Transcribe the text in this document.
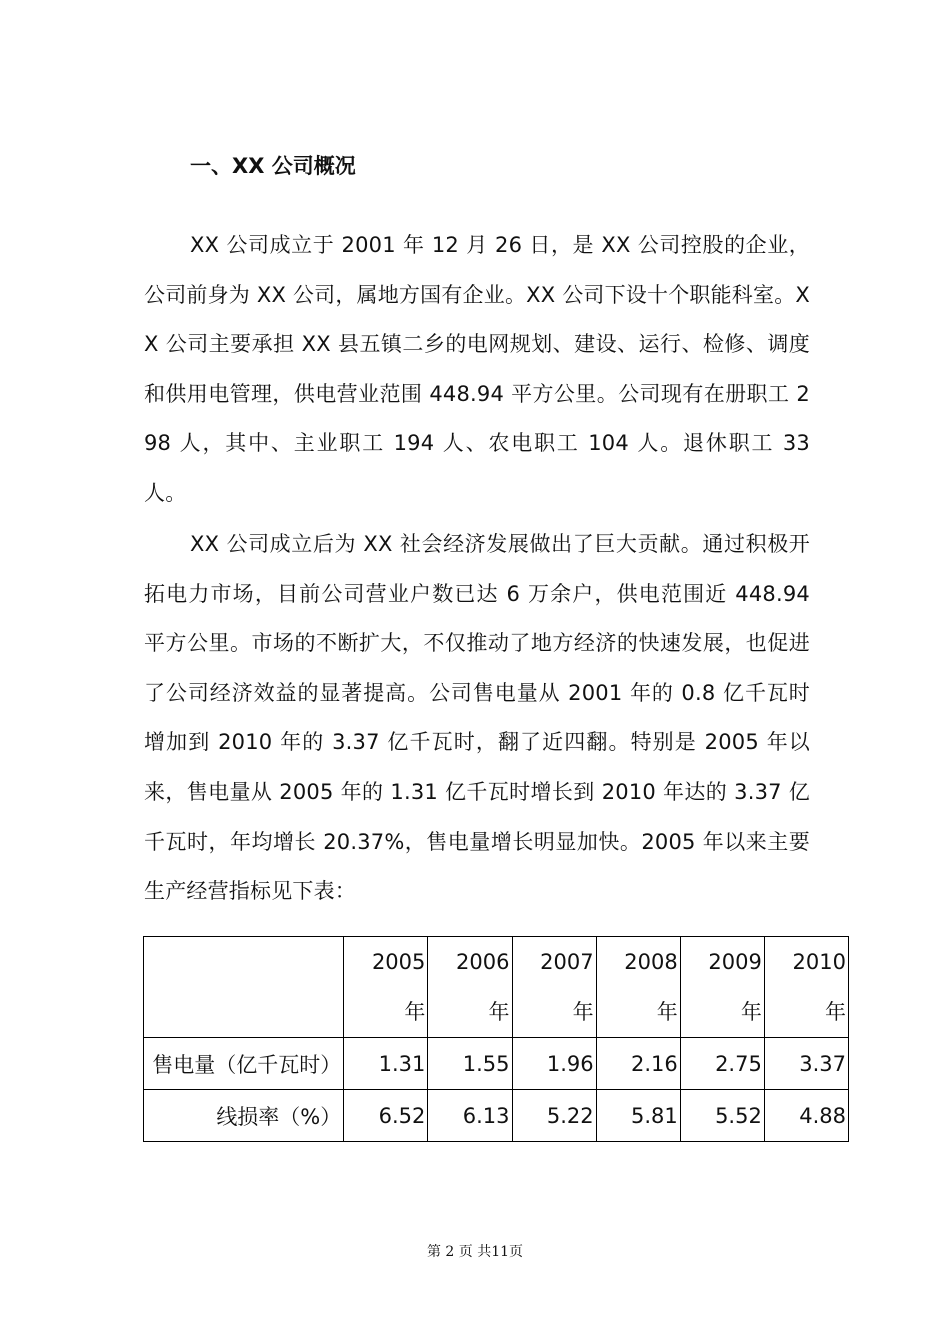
一、XX 公司概况

XX 公司成立于 2001 年 12 月 26 日，是 XX 公司控股的企业，公司前身为 XX 公司，属地方国有企业。XX 公司下设十个职能科室。XX 公司主要承担 XX 县五镇二乡的电网规划、建设、运行、检修、调度和供用电管理，供电营业范围 448.94 平方公里。公司现有在册职工 298 人，其中、主业职工 194 人、农电职工 104 人。退休职工 33 人。

XX 公司成立后为 XX 社会经济发展做出了巨大贡献。通过积极开拓电力市场，目前公司营业户数已达 6 万余户，供电范围近 448.94 平方公里。市场的不断扩大，不仅推动了地方经济的快速发展，也促进了公司经济效益的显著提高。公司售电量从 2001 年的 0.8 亿千瓦时增加到 2010 年的 3.37 亿千瓦时，翻了近四翻。特别是 2005 年以来，售电量从 2005 年的 1.31 亿千瓦时增长到 2010 年达的 3.37 亿千瓦时，年均增长 20.37%，售电量增长明显加快。2005 年以来主要生产经营指标见下表：

	2005 年	2006 年	2007 年	2008 年	2009 年	2010 年
售电量（亿千瓦时）	1.31	1.55	1.96	2.16	2.75	3.37
线损率（%）	6.52	6.13	5.22	5.81	5.52	4.88
第 2 页 共11页
